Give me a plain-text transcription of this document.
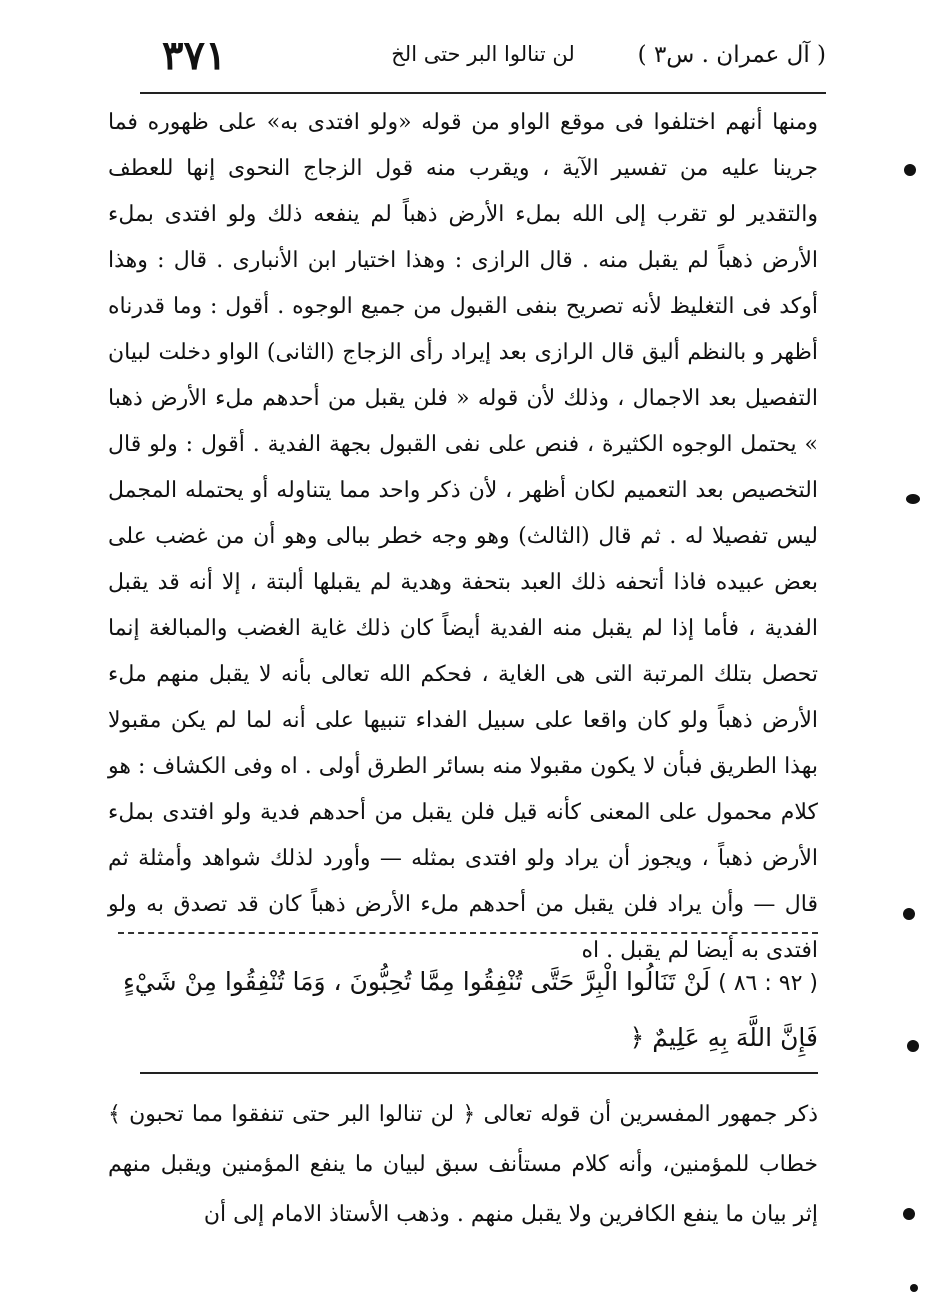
٣٧١	لن تنالوا البر حتى الخ	( آل عمران . س٣ )

ومنها أنهم اختلفوا فى موقع الواو من قوله «ولو افتدى به» على ظهوره فما جرينا عليه من تفسير الآية ، ويقرب منه قول الزجاج النحوى إنها للعطف والتقدير لو تقرب إلى الله بملء الأرض ذهباً لم ينفعه ذلك ولو افتدى بملء الأرض ذهباً لم يقبل منه . قال الرازى : وهذا اختيار ابن الأنبارى . قال : وهذا أوكد فى التغليظ لأنه تصريح بنفى القبول من جميع الوجوه . أقول : وما قدرناه أظهر و بالنظم أليق قال الرازى بعد إيراد رأى الزجاج (الثانى) الواو دخلت لبيان التفصيل بعد الاجمال ، وذلك لأن قوله « فلن يقبل من أحدهم ملء الأرض ذهبا » يحتمل الوجوه الكثيرة ، فنص على نفى القبول بجهة الفدية . أقول : ولو قال التخصيص بعد التعميم لكان أظهر ، لأن ذكر واحد مما يتناوله أو يحتمله المجمل ليس تفصيلا له . ثم قال (الثالث) وهو وجه خطر ببالى وهو أن من غضب على بعض عبيده فاذا أتحفه ذلك العبد بتحفة وهدية لم يقبلها ألبتة ، إلا أنه قد يقبل الفدية ، فأما إذا لم يقبل منه الفدية أيضاً كان ذلك غاية الغضب والمبالغة إنما تحصل بتلك المرتبة التى هى الغاية ، فحكم الله تعالى بأنه لا يقبل منهم ملء الأرض ذهباً ولو كان واقعا على سبيل الفداء تنبيها على أنه لما لم يكن مقبولا بهذا الطريق فبأن لا يكون مقبولا منه بسائر الطرق أولى . اه وفى الكشاف : هو كلام محمول على المعنى كأنه قيل فلن يقبل من أحدهم فدية ولو افتدى بملء الأرض ذهباً ، ويجوز أن يراد ولو افتدى بمثله — وأورد لذلك شواهد وأمثلة ثم قال — وأن يراد فلن يقبل من أحدهم ملء الأرض ذهباً كان قد تصدق به ولو افتدى به أيضا لم يقبل . اه

( ٩٢ : ٨٦ ) لَنْ تَنَالُوا الْبِرَّ حَتَّى تُنْفِقُوا مِمَّا تُحِبُّونَ ، وَمَا تُنْفِقُوا مِنْ شَيْءٍ فَإِنَّ اللَّهَ بِهِ عَلِيمٌ ﴿

ذكر جمهور المفسرين أن قوله تعالى ﴿ لن تنالوا البر حتى تنفقوا مما تحبون ﴾ خطاب للمؤمنين، وأنه كلام مستأنف سبق لبيان ما ينفع المؤمنين ويقبل منهم إثر بيان ما ينفع الكافرين ولا يقبل منهم . وذهب الأستاذ الامام إلى أن
